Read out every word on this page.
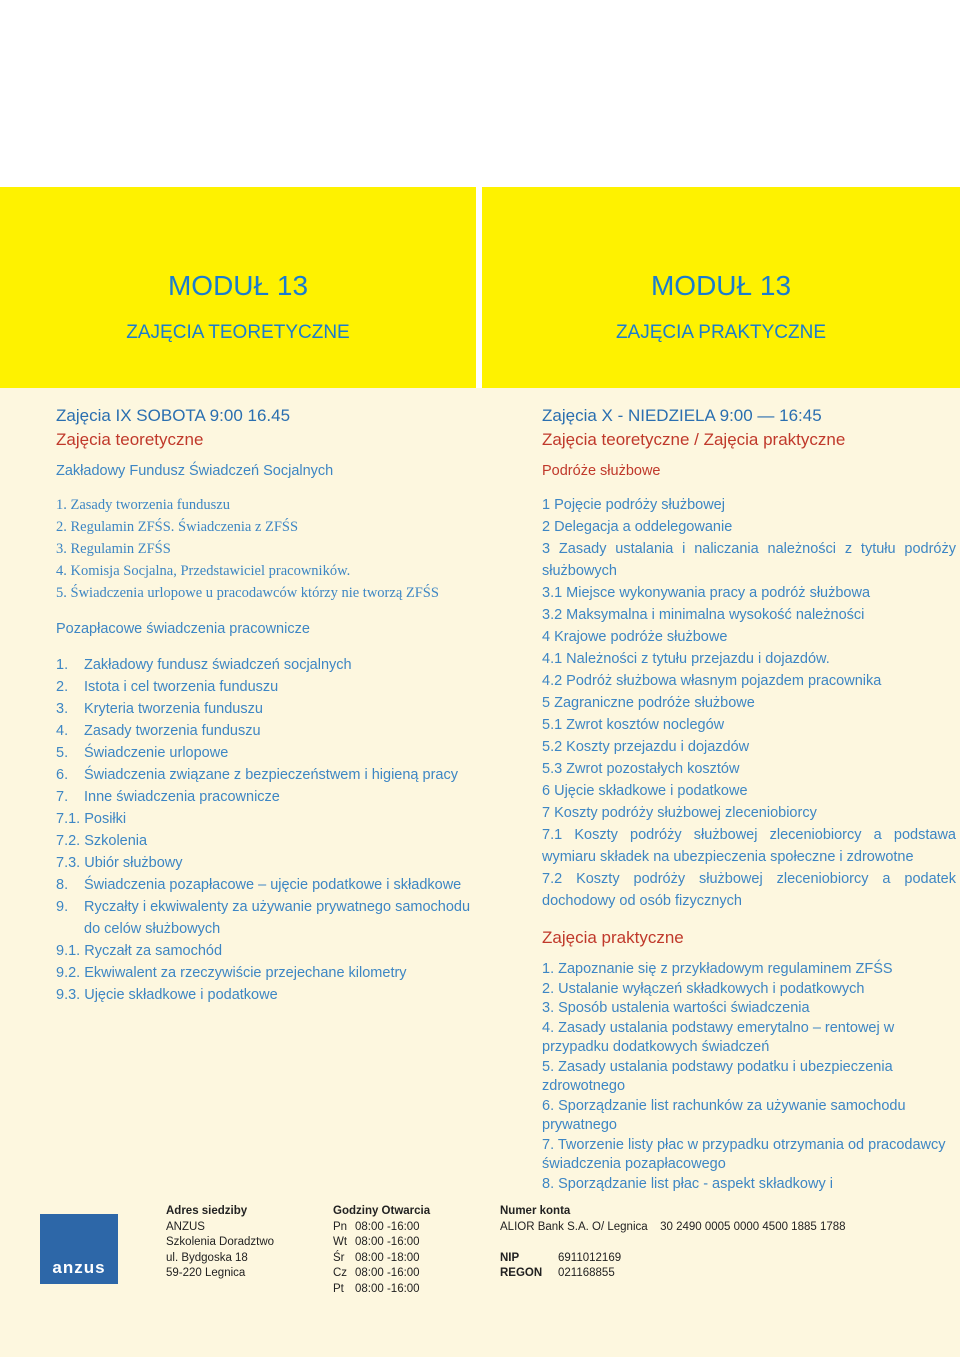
MODUŁ 13
ZAJĘCIA TEORETYCZNE
MODUŁ 13
ZAJĘCIA PRAKTYCZNE
Zajęcia IX SOBOTA 9:00 16.45
Zajęcia teoretyczne
Zakładowy Fundusz Świadczeń Socjalnych
1. Zasady tworzenia funduszu
2. Regulamin ZFŚS. Świadczenia z ZFŚS
3. Regulamin ZFŚS
4. Komisja Socjalna, Przedstawiciel pracowników.
5. Świadczenia urlopowe u pracodawców którzy nie tworzą ZFŚS
Pozapłacowe świadczenia pracownicze
1. Zakładowy fundusz świadczeń socjalnych
2. Istota i cel tworzenia funduszu
3. Kryteria tworzenia funduszu
4. Zasady tworzenia funduszu
5. Świadczenie urlopowe
6. Świadczenia związane z bezpieczeństwem i higieną pracy
7. Inne świadczenia pracownicze
7.1. Posiłki
7.2. Szkolenia
7.3. Ubiór służbowy
8. Świadczenia pozapłacowe – ujęcie podatkowe i składkowe
9. Ryczałty i ekwiwalenty za używanie prywatnego samochodu
do celów służbowych
9.1. Ryczałt za samochód
9.2. Ekwiwalent za rzeczywiście przejechane kilometry
9.3. Ujęcie składkowe i podatkowe
Zajęcia X - NIEDZIELA 9:00 — 16:45
Zajęcia teoretyczne / Zajęcia praktyczne
Podróże służbowe
1 Pojęcie podróży służbowej
2 Delegacja a oddelegowanie
3 Zasady ustalania i naliczania należności z tytułu podróży służbowych
3.1 Miejsce wykonywania pracy a podróż służbowa
3.2 Maksymalna i minimalna wysokość należności
4 Krajowe podróże służbowe
4.1 Należności z tytułu przejazdu i dojazdów.
4.2 Podróż służbowa własnym pojazdem pracownika
5 Zagraniczne podróże służbowe
5.1 Zwrot kosztów noclegów
5.2 Koszty przejazdu i dojazdów
5.3 Zwrot pozostałych kosztów
6 Ujęcie składkowe i podatkowe
7 Koszty podróży służbowej zleceniobiorcy
7.1 Koszty podróży służbowej zleceniobiorcy a podstawa wymiaru składek na ubezpieczenia społeczne i zdrowotne
7.2 Koszty podróży służbowej zleceniobiorcy a podatek dochodowy od osób fizycznych
Zajęcia praktyczne
1. Zapoznanie się z przykładowym regulaminem ZFŚS
2. Ustalanie wyłączeń składkowych i podatkowych
3. Sposób ustalenia wartości świadczenia
4. Zasady ustalania podstawy emerytalno – rentowej w przypadku dodatkowych świadczeń
5. Zasady ustalania podstawy podatku i ubezpieczenia zdrowotnego
6. Sporządzanie list rachunków za używanie samochodu prywatnego
7. Tworzenie listy płac w przypadku otrzymania od pracodawcy świadczenia pozapłacowego
8. Sporządzanie list płac - aspekt składkowy i
anzus
Adres siedziby
ANZUS
Szkolenia Doradztwo
ul. Bydgoska 18
59-220 Legnica
Godziny Otwarcia
Pn 08:00 -16:00
Wt 08:00 -16:00
Śr 08:00 -18:00
Cz 08:00 -16:00
Pt 08:00 -16:00
Numer konta
ALIOR Bank S.A. O/ Legnica 30 2490 0005 0000 4500 1885 1788

NIP	6911012169
REGON 021168855
